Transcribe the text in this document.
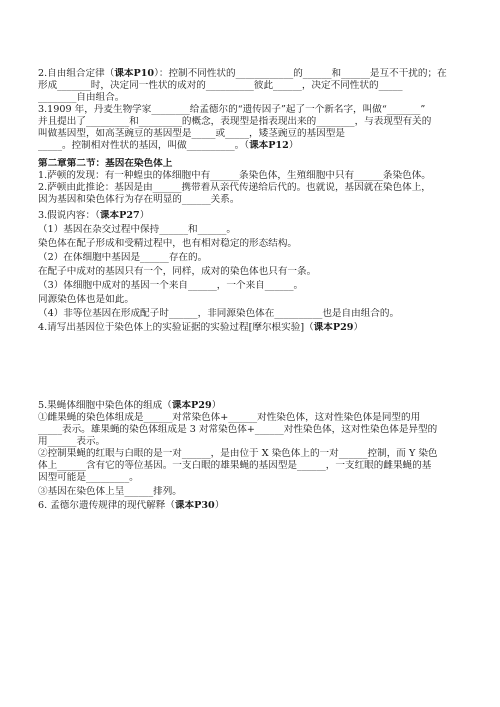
2.自由组合定律（课本P10）：控制不同性状的____________的______和______是互不干扰的；在
形成_______时，决定同一性状的成对的__________彼此______，决定不同性状的_____
________自由组合。
3.1909 年，丹麦生物学家________给孟德尔的“遗传因子”起了一个新名字，叫做“_______”
并且提出了_________和_________的概念，表现型是指表现出来的________，与表现型有关的
叫做基因型，如高茎豌豆的基因型是_____或_____，矮茎豌豆的基因型是
_____。控制相对性状的基因，叫做__________。（课本P12）
第二章第二节：基因在染色体上
1.萨顿的发现：有一种蝗虫的体细胞中有______条染色体，生殖细胞中只有______条染色体。
2.萨顿由此推论：基因是由______携带着从亲代传递给后代的。也就说，基因就在染色体上，
因为基因和染色体行为存在明显的______关系。
3.假说内容：（课本P27）
（1）基因在杂交过程中保持______和______。
染色体在配子形成和受精过程中，也有相对稳定的形态结构。
（2）在体细胞中基因是______存在的。
在配子中成对的基因只有一个，同样，成对的染色体也只有一条。
（3）体细胞中成对的基因一个来自______，一个来自______。
同源染色体也是如此。
（4）非等位基因在形成配子时______，非同源染色体在__________也是自由组合的。
4.请写出基因位于染色体上的实验证据的实验过程[摩尔根实验]（课本P29）
5.果蝇体细胞中染色体的组成（课本P29）
①雌果蝇的染色体组成是______对常染色体+______对性染色体，这对性染色体是同型的用
_____表示。雄果蝇的染色体组成是 3 对常染色体+______对性染色体，这对性染色体是异型的
用______表示。
②控制果蝇的红眼与白眼的是一对______，是由位于 X 染色体上的一对______控制，而 Y 染色
体上______含有它的等位基因。一支白眼的雄果蝇的基因型是______，一支红眼的雌果蝇的基
因型可能是_________。
③基因在染色体上呈______排列。
6. 孟德尔遗传规律的现代解释（课本P30）
